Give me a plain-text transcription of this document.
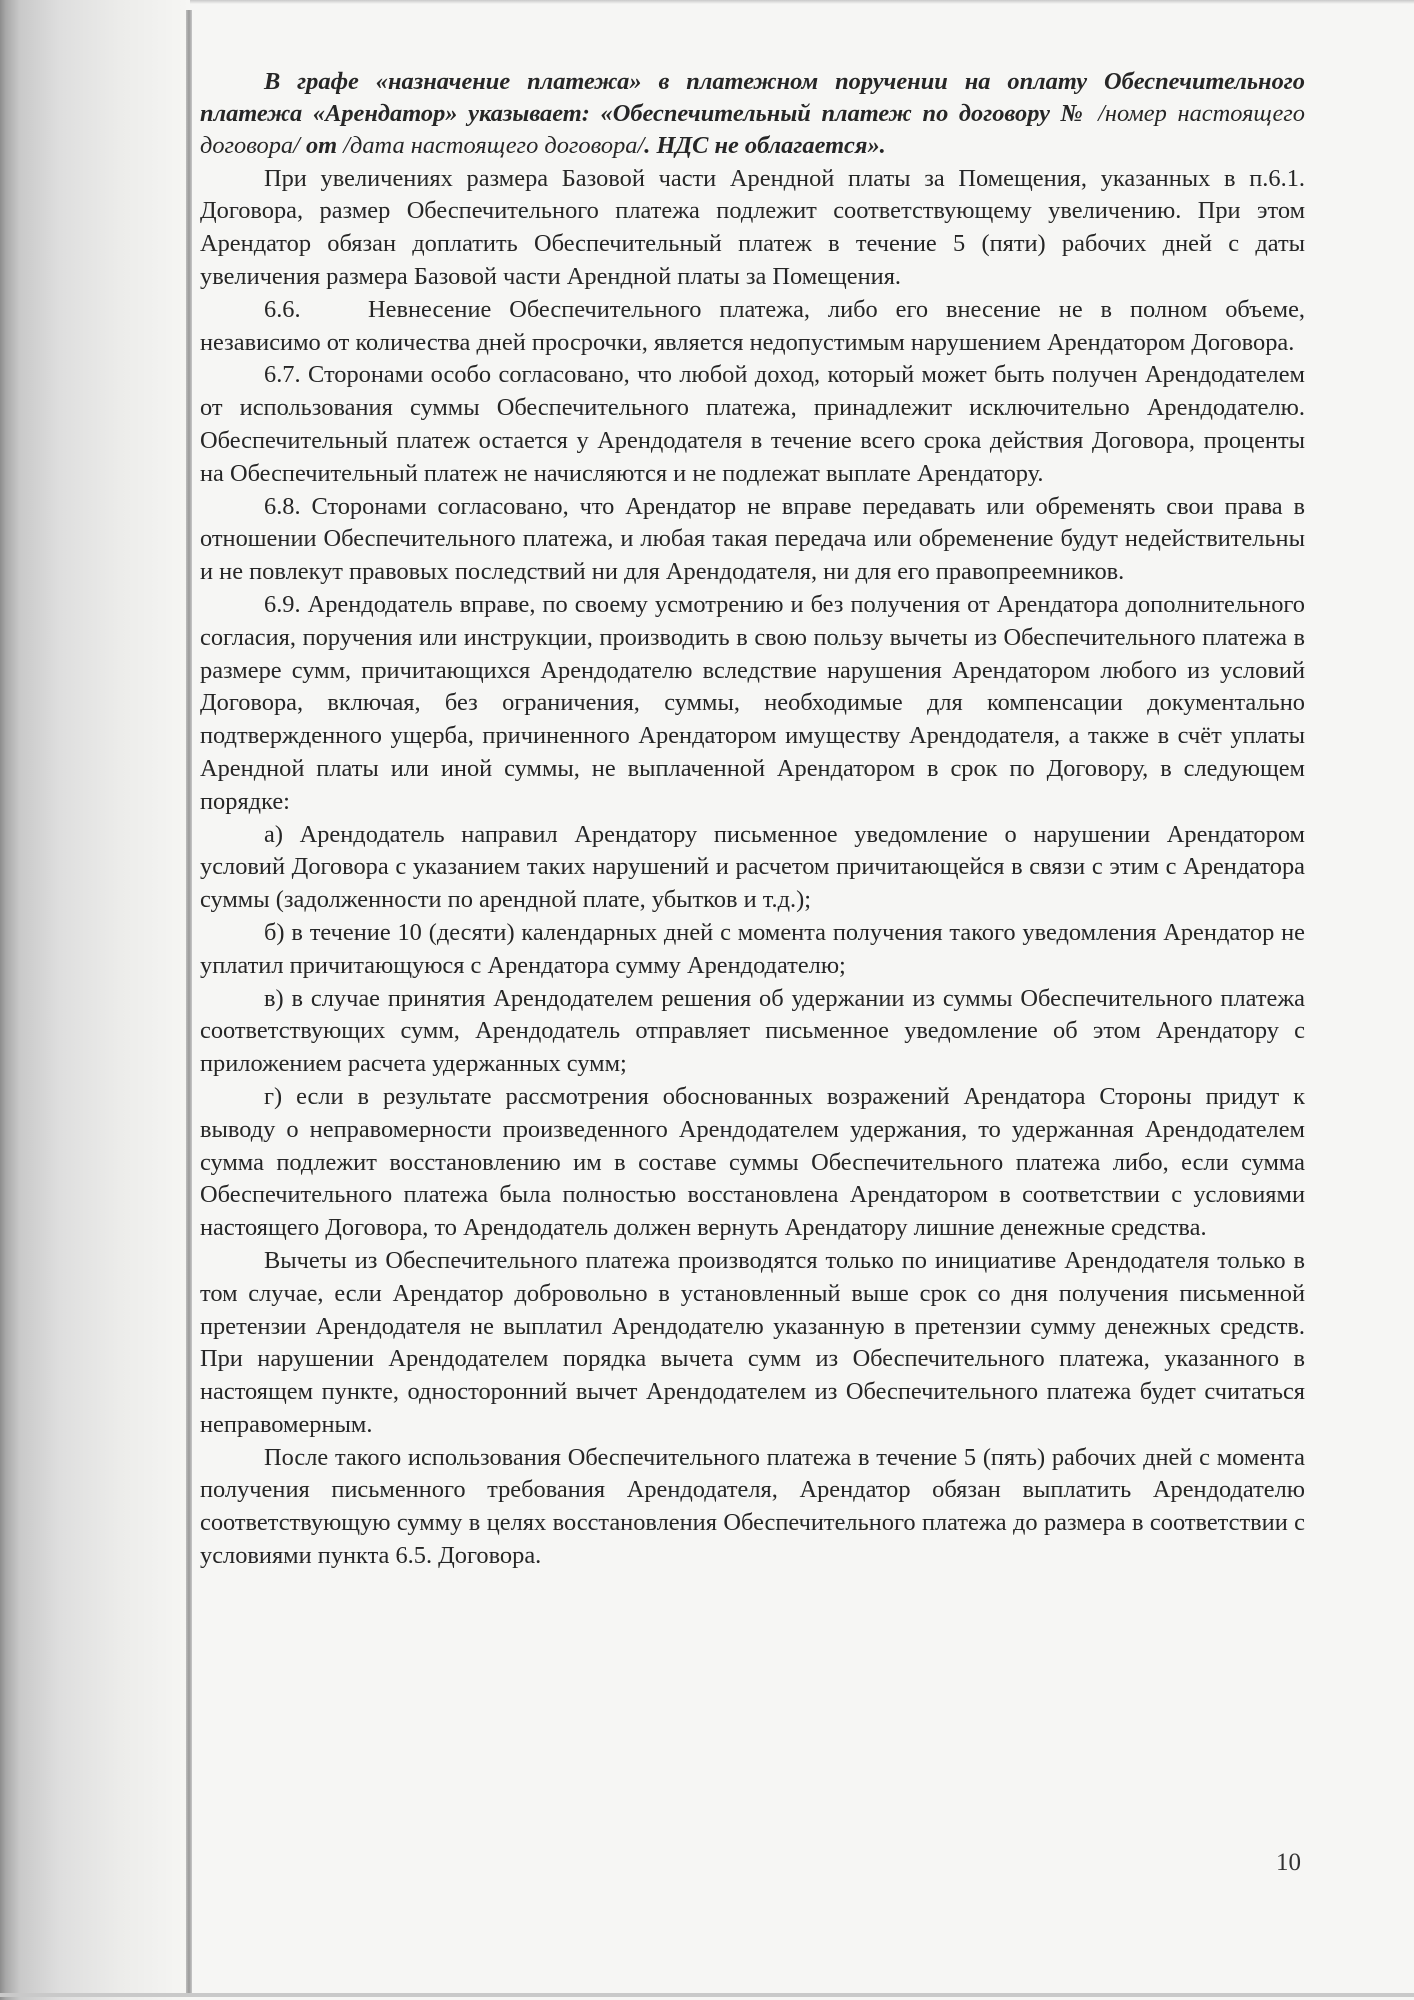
В графе «назначение платежа» в платежном поручении на оплату Обеспечительного платежа «Арендатор» указывает: «Обеспечительный платеж по договору № /номер настоящего договора/ от /дата настоящего договора/. НДС не облагается».

При увеличениях размера Базовой части Арендной платы за Помещения, указанных в п.6.1. Договора, размер Обеспечительного платежа подлежит соответствующему увеличению. При этом Арендатор обязан доплатить Обеспечительный платеж в течение 5 (пяти) рабочих дней с даты увеличения размера Базовой части Арендной платы за Помещения.

6.6.	Невнесение Обеспечительного платежа, либо его внесение не в полном объеме, независимо от количества дней просрочки, является недопустимым нарушением Арендатором Договора.

6.7. Сторонами особо согласовано, что любой доход, который может быть получен Арендодателем от использования суммы Обеспечительного платежа, принадлежит исключительно Арендодателю. Обеспечительный платеж остается у Арендодателя в течение всего срока действия Договора, проценты на Обеспечительный платеж не начисляются и не подлежат выплате Арендатору.

6.8. Сторонами согласовано, что Арендатор не вправе передавать или обременять свои права в отношении Обеспечительного платежа, и любая такая передача или обременение будут недействительны и не повлекут правовых последствий ни для Арендодателя, ни для его правопреемников.

6.9. Арендодатель вправе, по своему усмотрению и без получения от Арендатора дополнительного согласия, поручения или инструкции, производить в свою пользу вычеты из Обеспечительного платежа в размере сумм, причитающихся Арендодателю вследствие нарушения Арендатором любого из условий Договора, включая, без ограничения, суммы, необходимые для компенсации документально подтвержденного ущерба, причиненного Арендатором имуществу Арендодателя, а также в счёт уплаты Арендной платы или иной суммы, не выплаченной Арендатором в срок по Договору, в следующем порядке:

а) Арендодатель направил Арендатору письменное уведомление о нарушении Арендатором условий Договора с указанием таких нарушений и расчетом причитающейся в связи с этим с Арендатора суммы (задолженности по арендной плате, убытков и т.д.);

б) в течение 10 (десяти) календарных дней с момента получения такого уведомления Арендатор не уплатил причитающуюся с Арендатора сумму Арендодателю;

в) в случае принятия Арендодателем решения об удержании из суммы Обеспечительного платежа соответствующих сумм, Арендодатель отправляет письменное уведомление об этом Арендатору с приложением расчета удержанных сумм;

г) если в результате рассмотрения обоснованных возражений Арендатора Стороны придут к выводу о неправомерности произведенного Арендодателем удержания, то удержанная Арендодателем сумма подлежит восстановлению им в составе суммы Обеспечительного платежа либо, если сумма Обеспечительного платежа была полностью восстановлена Арендатором в соответствии с условиями настоящего Договора, то Арендодатель должен вернуть Арендатору лишние денежные средства.

Вычеты из Обеспечительного платежа производятся только по инициативе Арендодателя только в том случае, если Арендатор добровольно в установленный выше срок со дня получения письменной претензии Арендодателя не выплатил Арендодателю указанную в претензии сумму денежных средств. При нарушении Арендодателем порядка вычета сумм из Обеспечительного платежа, указанного в настоящем пункте, односторонний вычет Арендодателем из Обеспечительного платежа будет считаться неправомерным.

После такого использования Обеспечительного платежа в течение 5 (пять) рабочих дней с момента получения письменного требования Арендодателя, Арендатор обязан выплатить Арендодателю соответствующую сумму в целях восстановления Обеспечительного платежа до размера в соответствии с условиями пункта 6.5. Договора.

10
